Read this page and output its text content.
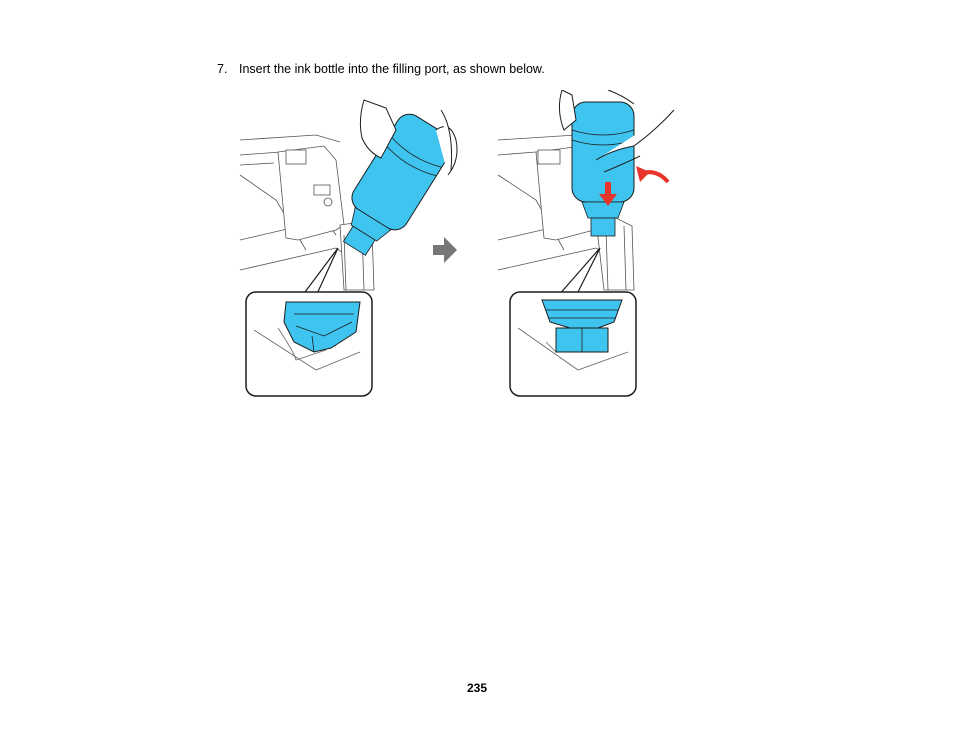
7. Insert the ink bottle into the filling port, as shown below.
235
